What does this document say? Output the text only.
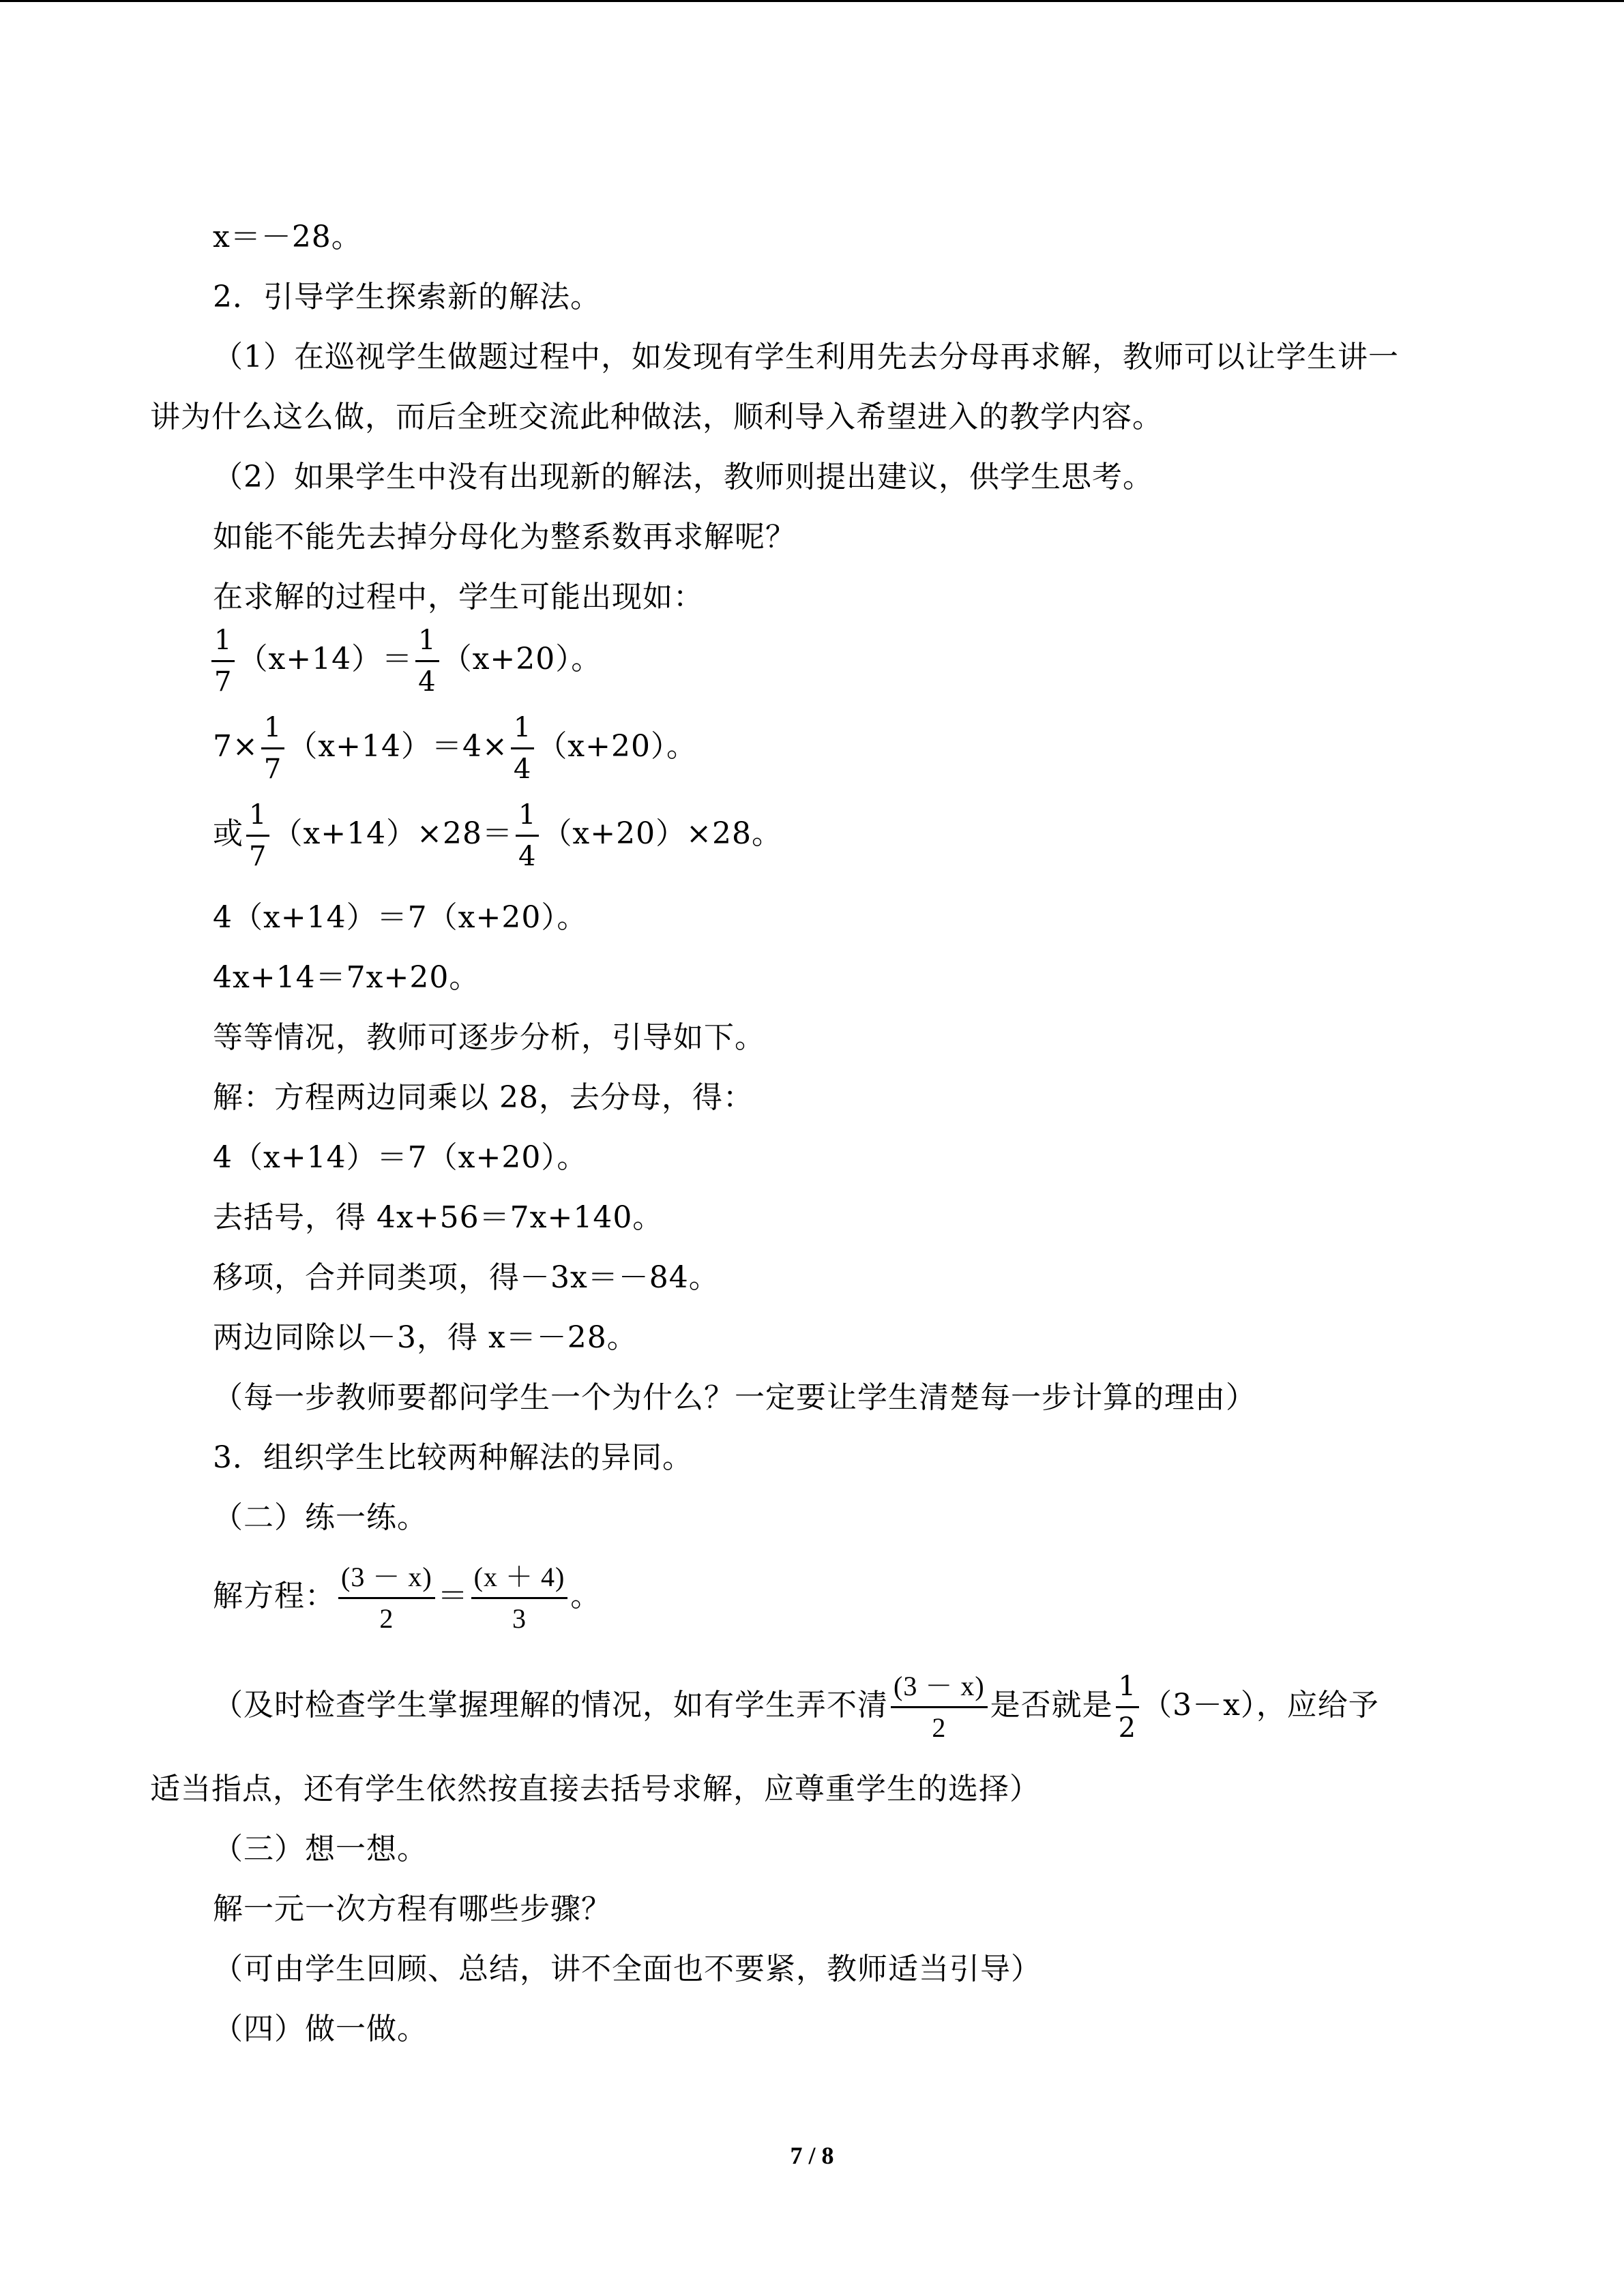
x＝－28。
2．引导学生探索新的解法。
（1）在巡视学生做题过程中，如发现有学生利用先去分母再求解，教师可以让学生讲一
讲为什么这么做，而后全班交流此种做法，顺利导入希望进入的教学内容。
（2）如果学生中没有出现新的解法，教师则提出建议，供学生思考。
如能不能先去掉分母化为整系数再求解呢？
在求解的过程中，学生可能出现如：
$\frac{1}{7} (x+14)= \frac{1}{4} (x+20)$。
$7\times \frac{1}{7} (x+14)=4\times \frac{1}{4} (x+20)$。
或 $\frac{1}{7} (x+14)\times 28= \frac{1}{4} (x+20)\times 28$。
4（x+14）＝7（x+20）。
4x+14＝7x+20。
等等情况，教师可逐步分析，引导如下。
解：方程两边同乘以 28，去分母，得：
4（x+14）＝7（x+20）。
去括号，得 4x+56＝7x+140。
移项，合并同类项，得－3x＝－84。
两边同除以－3，得 x＝－28。
（每一步教师要都问学生一个为什么？一定要让学生清楚每一步计算的理由）
3．组织学生比较两种解法的异同。
（二）练一练。
解方程： $\frac{(3 - x)}{2} = \frac{(x + 4)}{3}$ 。
（及时检查学生掌握理解的情况，如有学生弄不清 $\frac{(3 - x)}{2}$ 是否就是 $\frac{1}{2} (3-x)$，应给予
适当指点，还有学生依然按直接去括号求解，应尊重学生的选择）
（三）想一想。
解一元一次方程有哪些步骤？
（可由学生回顾、总结，讲不全面也不要紧，教师适当引导）
（四）做一做。
7 / 8
